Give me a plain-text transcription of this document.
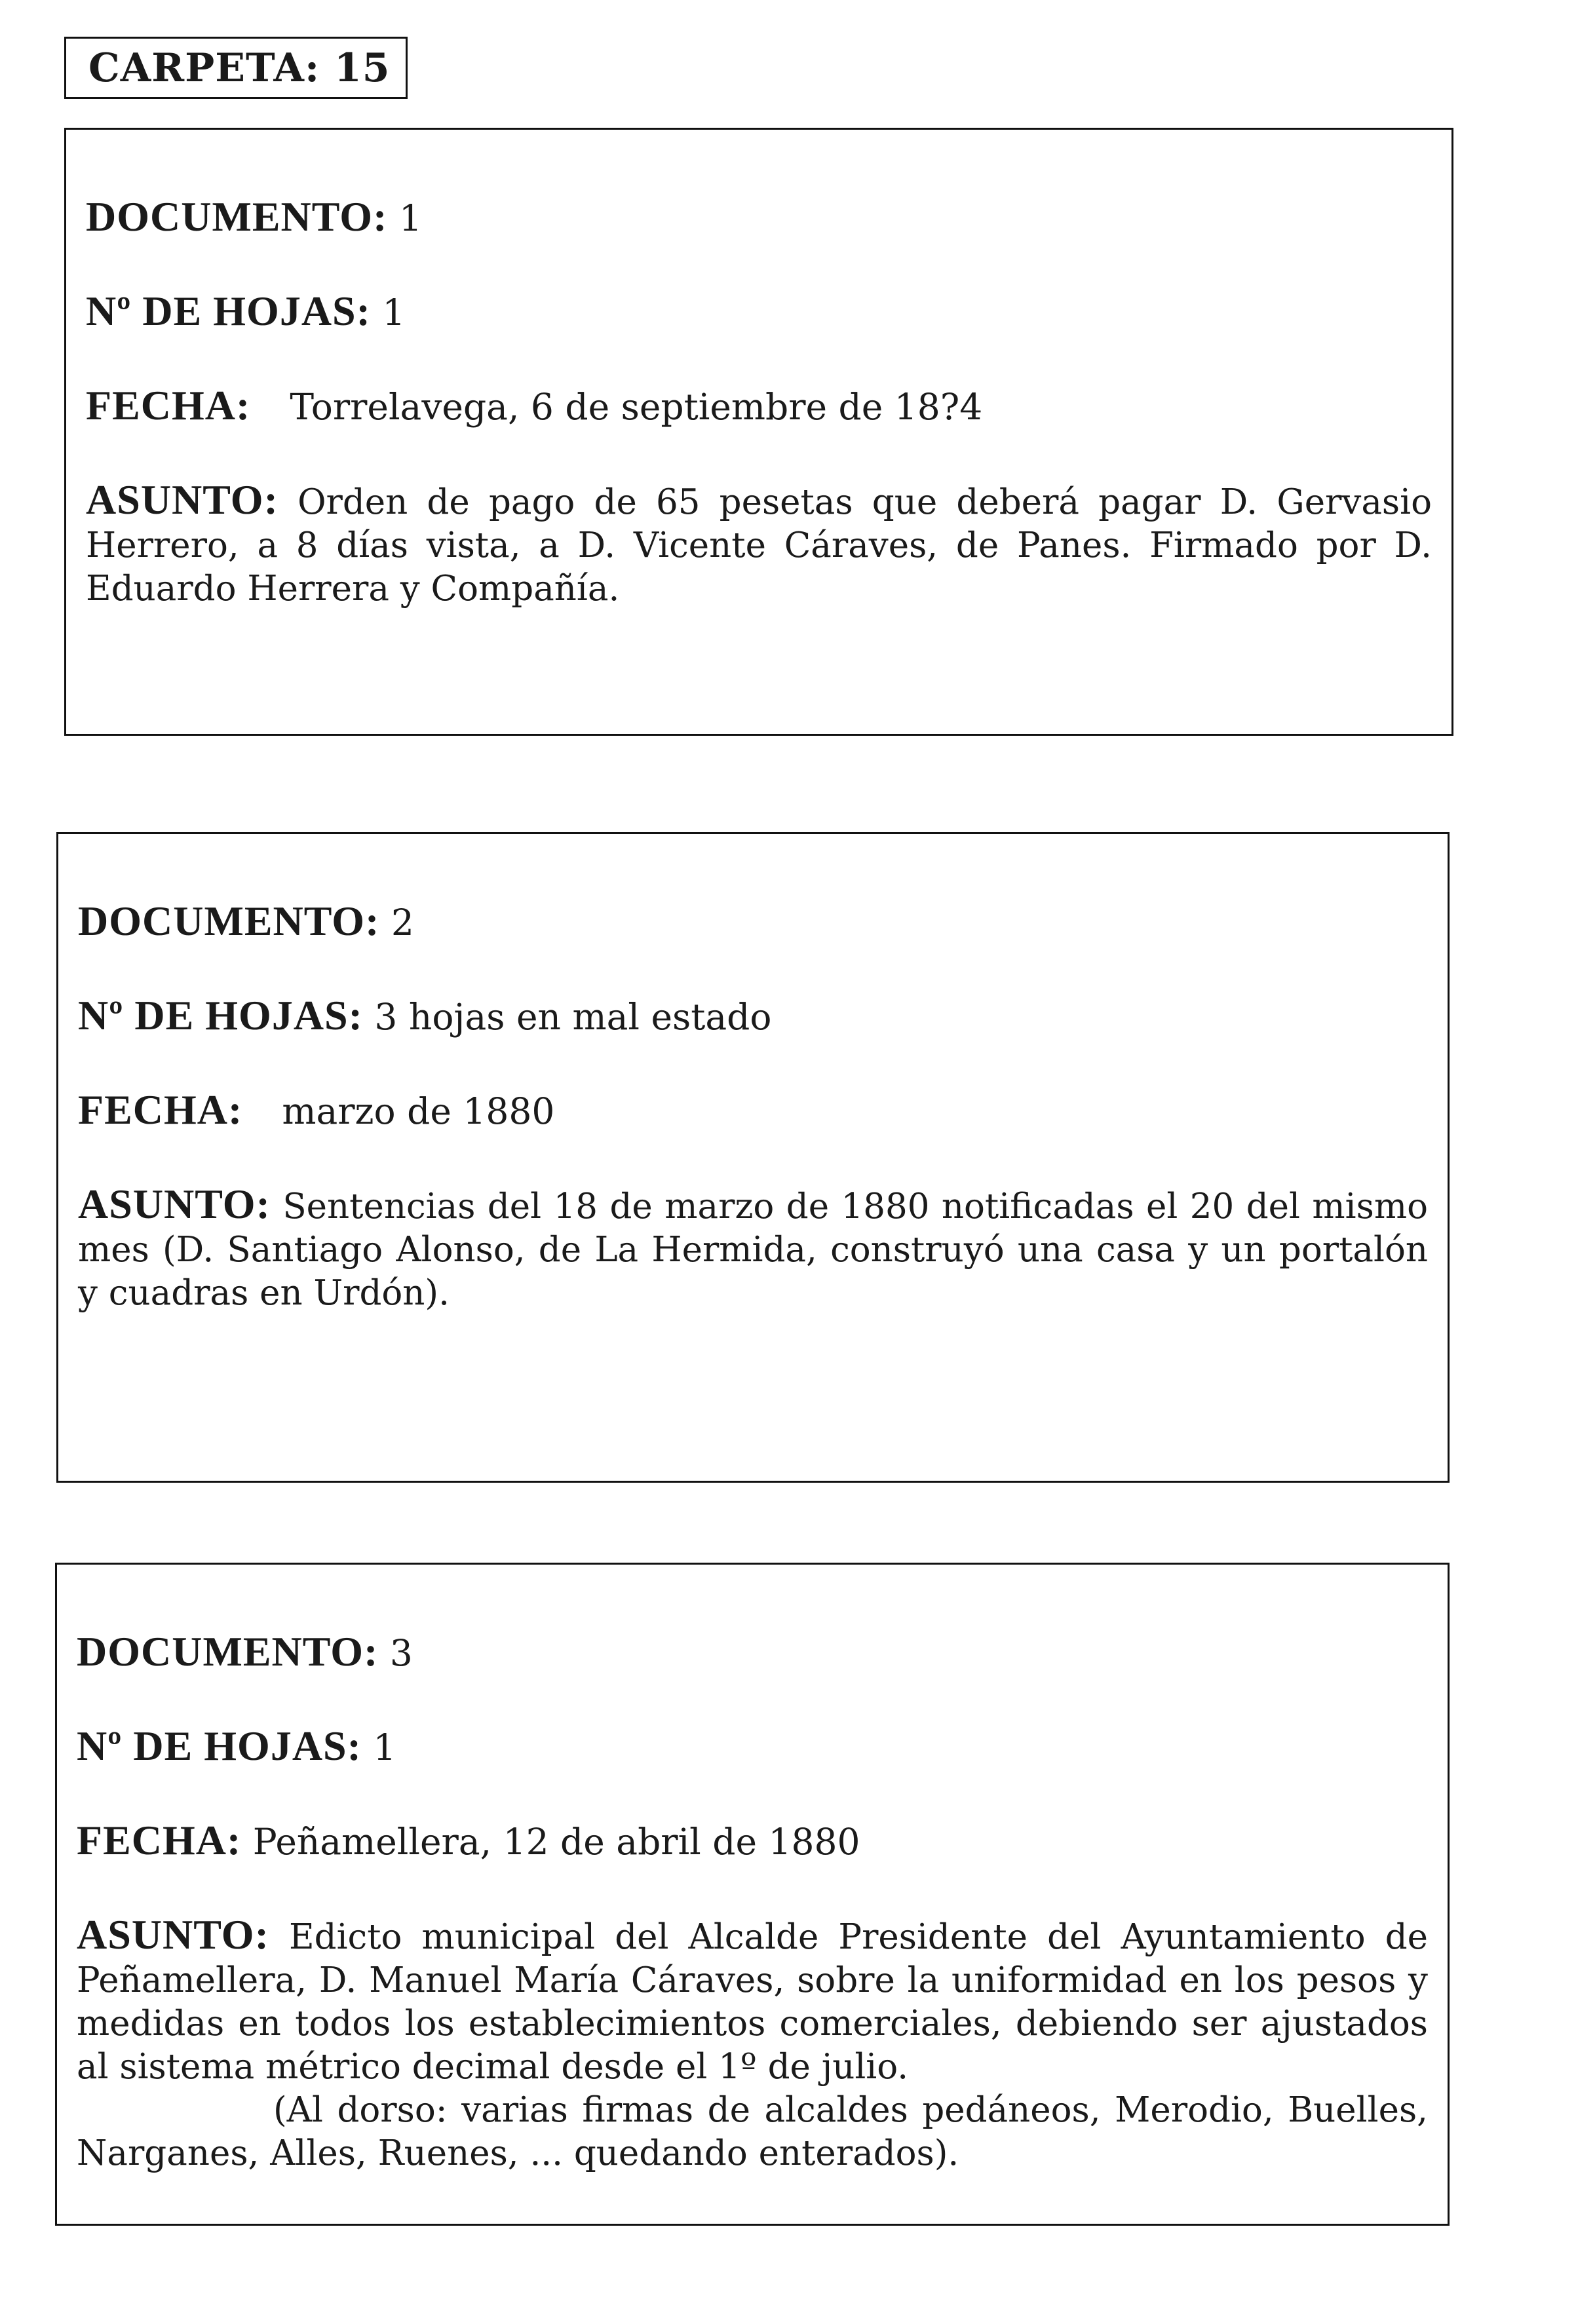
CARPETA:
15

DOCUMENTO: 1

Nº DE HOJAS: 1

FECHA: Torrelavega, 6 de septiembre de 18?4

ASUNTO: Orden de pago de 65 pesetas que deberá pagar D. Gervasio Herrero, a 8 días vista, a D. Vicente Cáraves, de Panes. Firmado por D. Eduardo Herrera y Compañía.

DOCUMENTO: 2

Nº DE HOJAS: 3 hojas en mal estado

FECHA: marzo de 1880

ASUNTO: Sentencias del 18 de marzo de 1880 notificadas el 20 del mismo mes (D. Santiago Alonso, de La Hermida, construyó una casa y un portalón y cuadras en Urdón).

DOCUMENTO: 3

Nº DE HOJAS: 1

FECHA: Peñamellera, 12 de abril de 1880

ASUNTO: Edicto municipal del Alcalde Presidente del Ayuntamiento de Peñamellera, D. Manuel María Cáraves, sobre la uniformidad en los pesos y medidas en todos los establecimientos comerciales, debiendo ser ajustados al sistema métrico decimal desde el 1º de julio.

(Al dorso: varias firmas de alcaldes pedáneos, Merodio, Buelles, Narganes, Alles, Ruenes, ... quedando enterados).
